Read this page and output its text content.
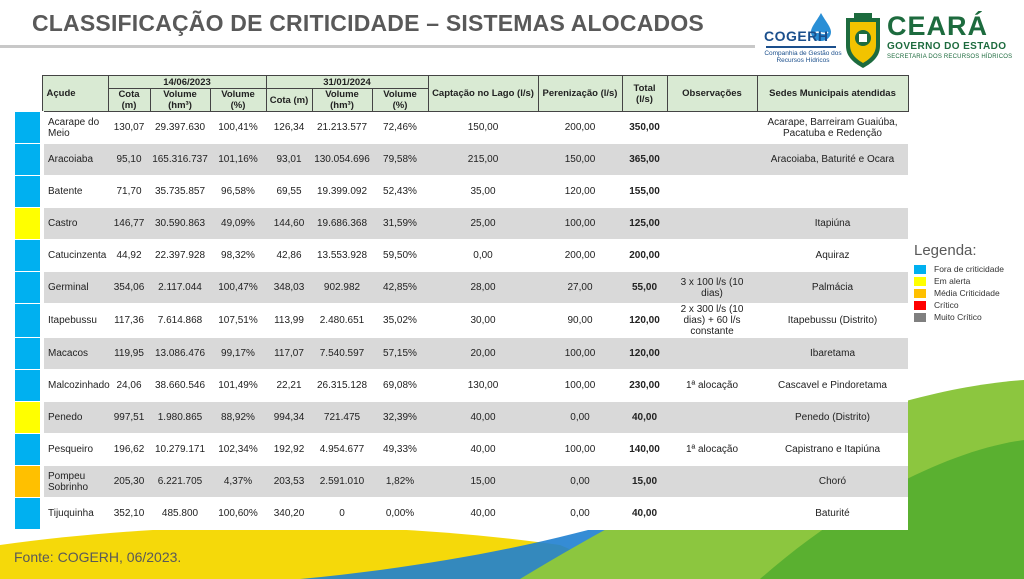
CLASSIFICAÇÃO DE CRITICIDADE – SISTEMAS ALOCADOS	COGERH
Companhia de Gestão dos Recursos Hídricos
CEARÁ
GOVERNO DO ESTADO
SECRETARIA DOS RECURSOS HÍDRICOS
	Açude	14/06/2023			31/01/2024			Captação no Lago (l/s)	Perenização (l/s)	Total (l/s)	Observações	Sedes Municipais atendidas
		Cota (m)	Volume (hm³)	Volume (%)	Cota (m)	Volume (hm³)	Volume (%)					
	Acarape do Meio	130,07	29.397.630	100,41%	126,34	21.213.577	72,46%	150,00	200,00	350,00		Acarape, Barreiram Guaiúba, Pacatuba e Redenção
	Aracoiaba	95,10	165.316.737	101,16%	93,01	130.054.696	79,58%	215,00	150,00	365,00		Aracoiaba, Baturité e Ocara
	Batente	71,70	35.735.857	96,58%	69,55	19.399.092	52,43%	35,00	120,00	155,00		
	Castro	146,77	30.590.863	49,09%	144,60	19.686.368	31,59%	25,00	100,00	125,00		Itapiúna
	Catucinzenta	44,92	22.397.928	98,32%	42,86	13.553.928	59,50%	0,00	200,00	200,00		Aquiraz
	Germinal	354,06	2.117.044	100,47%	348,03	902.982	42,85%	28,00	27,00	55,00	3 x 100 l/s (10 dias)	Palmácia
	Itapebussu	117,36	7.614.868	107,51%	113,99	2.480.651	35,02%	30,00	90,00	120,00	2 x 300 l/s (10 dias) + 60 l/s constante	Itapebussu (Distrito)
	Macacos	119,95	13.086.476	99,17%	117,07	7.540.597	57,15%	20,00	100,00	120,00		Ibaretama
	Malcozinhado	24,06	38.660.546	101,49%	22,21	26.315.128	69,08%	130,00	100,00	230,00	1ª alocação	Cascavel e Pindoretama
	Penedo	997,51	1.980.865	88,92%	994,34	721.475	32,39%	40,00	0,00	40,00		Penedo (Distrito)
	Pesqueiro	196,62	10.279.171	102,34%	192,92	4.954.677	49,33%	40,00	100,00	140,00	1ª alocação	Capistrano e Itapiúna
	Pompeu Sobrinho	205,30	6.221.705	4,37%	203,53	2.591.010	1,82%	15,00	0,00	15,00		Choró
	Tijuquinha	352,10	485.800	100,60%	340,20	0	0,00%	40,00	0,00	40,00		Baturité
Legenda:
Fora de criticidade
Em alerta
Média Criticidade
Crítico
Muito Crítico
Fonte: COGERH, 06/2023.
